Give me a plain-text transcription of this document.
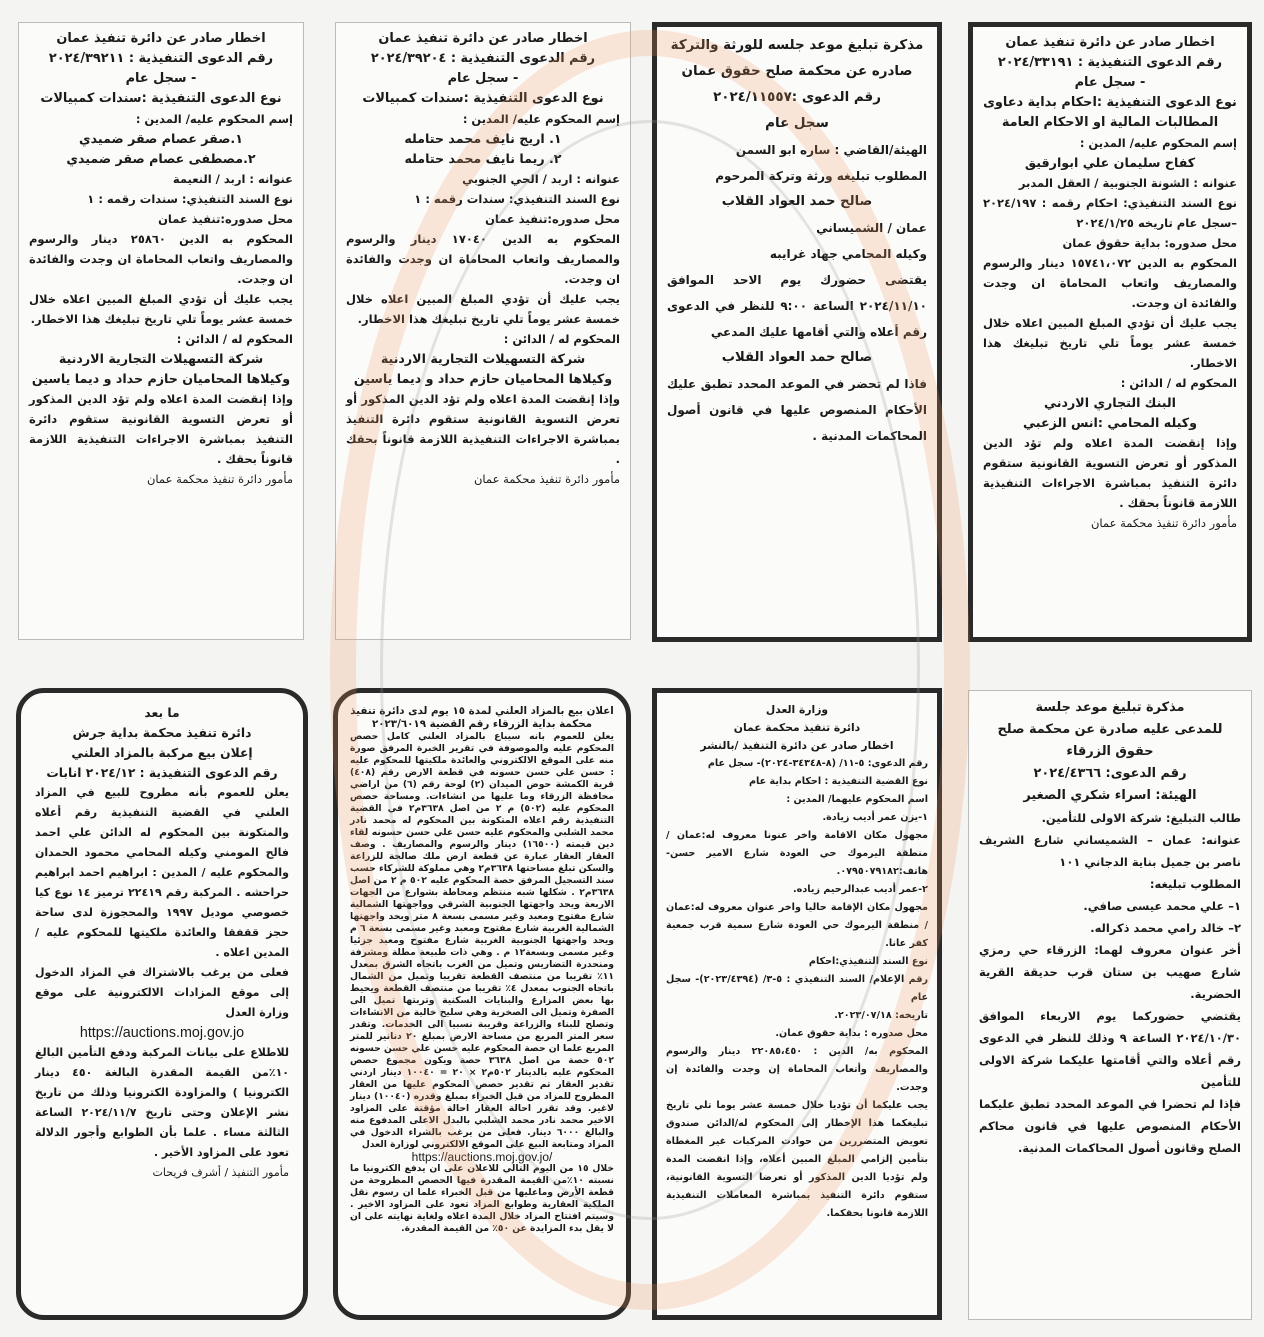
اخطار صادر عن دائرة تنفيذ عمان
رقم الدعوى التنفيذية : ٢٠٢٤/٣٩٢١١
- سجل عام
نوع الدعوى التنفيذية :سندات كمبيالات
إسم المحكوم عليه/ المدين :
١.صقر عصام صقر ضميدي
٢.مصطفى عصام صقر ضميدي
عنوانه : اربد / النعيمة
نوع السند التنفيذي: سندات رقمه : ١
محل صدوره:تنفيذ عمان
المحكوم به الدين ٢٥٨٦٠ دينار والرسوم والمصاريف واتعاب المحاماة ان وجدت والفائدة ان وجدت.
يجب عليك أن تؤدي المبلغ المبين اعلاه خلال خمسة عشر يوماً تلي تاريخ تبليغك هذا الاخطار.
المحكوم له / الدائن :
شركة التسهيلات التجارية الاردنية
وكيلاها المحاميان حازم حداد و ديما ياسين
وإذا إنقضت المدة اعلاه ولم تؤد الدين المذكور أو تعرض التسوية القانونية ستقوم دائرة التنفيذ بمباشرة الاجراءات التنفيذية اللازمة قانوناً بحقك .
مأمور دائرة تنفيذ محكمة عمان
اخطار صادر عن دائرة تنفيذ عمان
رقم الدعوى التنفيذية : ٢٠٢٤/٣٩٢٠٤
- سجل عام
نوع الدعوى التنفيذية :سندات كمبيالات
إسم المحكوم عليه/ المدين :
١. اريج نايف محمد حتامله
٢. ريما نايف محمد حتامله
عنوانه : اربد / الحي الجنوبي
نوع السند التنفيذي: سندات رقمه : ١
محل صدوره:تنفيذ عمان
المحكوم به الدين ١٧٠٤٠ دينار والرسوم والمصاريف واتعاب المحاماة ان وجدت والفائدة ان وجدت.
يجب عليك أن تؤدي المبلغ المبين اعلاه خلال خمسة عشر يوماً تلي تاريخ تبليغك هذا الاخطار.
المحكوم له / الدائن :
شركة التسهيلات التجارية الاردنية
وكيلاها المحاميان حازم حداد و ديما ياسين
وإذا إنقضت المدة اعلاه ولم تؤد الدين المذكور أو تعرض التسوية القانونية ستقوم دائرة التنفيذ بمباشرة الاجراءات التنفيذية اللازمة قانوناً بحقك .
مأمور دائرة تنفيذ محكمة عمان
مذكرة تبليغ موعد جلسه للورثة والتركة
صادره عن محكمة صلح حقوق عمان
رقم الدعوى :٢٠٢٤/١١٥٥٧
سجل عام
الهيئة/القاضي : ساره ابو السمن
المطلوب تبليغه ورثة وتركة المرحوم
صالح حمد العواد القلاب
عمان / الشميساني
وكيله المحامي جهاد غرايبه
يقتضى حضورك يوم الاحد الموافق ٢٠٢٤/١١/١٠ الساعة ٩:٠٠ للنظر في الدعوى رقم أعلاه والتي أقامها عليك المدعي
صالح حمد العواد القلاب
فاذا لم تحضر في الموعد المحدد تطبق عليك الأحكام المنصوص عليها في قانون أصول المحاكمات المدنية .
اخطار صادر عن دائرة تنفيذ عمان
رقم الدعوى التنفيذية : ٢٠٢٤/٣٣١٩١
- سجل عام
نوع الدعوى التنفيذية :احكام بداية دعاوى المطالبات المالية او الاحكام العامة
إسم المحكوم عليه/ المدين :
كفاح سليمان علي ابوارقيق
عنوانه : الشونة الجنوبية / العقل المدبر
نوع السند التنفيذي: احكام رقمه : ٢٠٢٤/١٩٧ –سجل عام تاريخه ٢٠٢٤/١/٢٥
محل صدوره: بداية حقوق عمان
المحكوم به الدين ١٥٧٤١،٠٧٢ دينار والرسوم والمصاريف واتعاب المحاماة ان وجدت والفائدة ان وجدت.
يجب عليك أن تؤدي المبلغ المبين اعلاه خلال خمسة عشر يوماً تلي تاريخ تبليغك هذا الاخطار.
المحكوم له / الدائن :
البنك التجاري الاردني
وكيله المحامي :انس الزعبي
وإذا إنقضت المدة اعلاه ولم تؤد الدين المذكور أو تعرض التسوية القانونية ستقوم دائرة التنفيذ بمباشرة الاجراءات التنفيذية اللازمة قانوناً بحقك .
مأمور دائرة تنفيذ محكمة عمان
ما بعد
دائرة تنفيذ محكمة بداية جرش
إعلان بيع مركبة بالمزاد العلني
رقم الدعوى التنفيذية : ٢٠٢٤/١٢ انابات
يعلن للعموم بأنه مطروح للبيع في المزاد العلني في القضية التنفيذية رقم أعلاه والمتكونة بين المحكوم له الدائن علي احمد فالح المومني وكيله المحامي محمود الحمدان والمحكوم عليه / المدين : ابراهيم احمد ابراهيم حراحشه . المركبة رقم ٢٢٤١٩ ترميز ١٤ نوع كيا خصوصي موديل ١٩٩٧ والمحجوزة لدى ساحة حجز ققفقا والعائدة ملكيتها للمحكوم عليه / المدين اعلاه .
فعلى من يرغب بالاشتراك في المزاد الدخول إلى موقع المزادات الالكترونية على موقع وزارة العدل
https://auctions.moj.gov.jo
للاطلاع على بيانات المركبة ودفع التأمين البالغ ١٠٪من القيمة المقدرة البالغة ٤٥٠ دينار الكترونيا ) والمزاودة الكترونيا وذلك من تاريخ نشر الإعلان وحتى تاريخ ٢٠٢٤/١١/٧ الساعة الثالثة مساء . علما بأن الطوابع وأجور الدلالة تعود على المزاود الأخير .
مأمور التنفيذ / أشرف فريحات
اعلان بيع بالمزاد العلني لمدة ١٥ يوم لدى دائرة تنفيذ محكمة بداية الزرقاء رقم القضية ٢٠٢٣/٦٠١٩
يعلن للعموم بانه سيباع بالمزاد العلني كامل حصص المحكوم عليه والموصوفة في تقرير الخبرة المرفق صورة منه على الموقع الالكتروني والعائدة ملكيتها للمحكوم عليه : حسن علي حسن حسونه في قطعة الارض رقم (٤٠٨) قرية الكمشة حوض الميدان (٢) لوحة رقم (٦) من اراضي محافظة الزرقاء وما عليها من انشاءات. ومساحة حصص المحكوم عليه (٥٠٢) م ٢ من اصل ٣٦٣٨م٢ في القضية التنفيذية رقم اعلاه المتكونة بين المحكوم له محمد نادر محمد الشلبي والمحكوم عليه حسن علي حسن حسونه لقاء دين قيمته (١٦٥٠٠) دينار والرسوم والمصاريف . وصف العقار العقار عبارة عن قطعة ارض ملك صالحة للزراعة والسكن تبلغ مساحتها ٣٦٣٨م٢ وهي مملوكة للشركاء حسب سند التسجيل المرفق حصة المحكوم عليه ٥٠٢ م ٢ من اصل ٣٦٣٨م٢ . شكلها شبه منتظم ومحاطة بشوارع من الجهات الاربعة ويحد واجهتها الجنوبية الشرقي وواجهتها الشمالية شارع مفتوح ومعبد وغير مسمى بسعة ٨ متر ويحد واجهتها الشمالية الغربية شارع مفتوح ومعبد وغير مسمى بسعة ٦ م ويحد واجهتها الجنوبية الغربية شارع مفتوح ومعبد جزئيا وغير مسمى وبسعة١٢ م . وهي ذات طبيعة مطلة ومشرفة ومنحدرة التضاريس وتميل من الغرب باتجاه الشرق بمعدل ١١٪ تقريبا من منتصف القطعة تقريبا وتميل من الشمال باتجاه الجنوب بمعدل ٤٪ تقريبا من منتصف القطعة ويحيط بها بعض المزارع والبنايات السكنية وتربتها تميل الى الصفرة وتميل الى الصخرية وهي سليخ خالية من الانشاءات وتصلح للبناء والزراعة وقريبة نسبيا الى الخدمات. وتقدر سعر المتر المربع من مساحة الارض بمبلغ ٢٠ دنانير للمتر المربع علما ان حصة المحكوم عليه حسن علي حسن حسونه ٥٠٢ حصة من اصل ٣٦٣٨ حصة ويكون مجموع حصص المحكوم عليه بالدينار ٥٠٢م٢ × ٢٠ = ١٠٠٤٠ دينار اردني تقدير العقار تم تقدير حصص المحكوم عليها من العقار المطروح للمزاد من قبل الخبراء بمبلغ وقدره (١٠٠٤٠) دينار لاغير. وقد تقرر احالة العقار احالة مؤقتة على المزاود الاخير محمد نادر محمد الشلبي بالبدل الاعلى المدفوع منه والبالغ ٦٠٠٠ دينار. فعلى من يرغب بالشراء الدخول في المزاد ومتابعة البيع على الموقع الالكتروني لوزارة العدل
https://auctions.moj.gov.jo/
خلال ١٥ من اليوم التالي للاعلان على ان يدفع الكترونيا ما نسبته ١٠٪من القيمة المقدرة فيها الحصص المطروحة من قطعة الأرض وماعليها من قبل الخبراء علما ان رسوم نقل الملكية العقارية وطوابع المزاد تعود على المزاود الاخير . وسيتم افتتاح المزاد خلال المدة اعلاه ولغاية نهايته على ان لا يقل بدء المزايدة عن ٥٠٪ من القيمة المقدرة.
وزارة العدل
دائرة تنفيذ محكمة عمان
اخطار صادر عن دائرة التنفيذ /بالنشر
رقم الدعوى: ٥-١١/ (٨-٣٤٣٤٨-٢٠٢٤)- سجل عام
نوع القضية التنفيذية : احكام بداية عام
اسم المحكوم عليهما/ المدين :
١-يزن عمر أديب زيادة.
مجهول مكان الاقامة واخر عنونا معروف له:عمان / منطقة اليرموك حي العودة شارع الامير حسن- هاتف:٠٧٩٥٠٧٩١٨٢.
٢-عمر أديب عبدالرحيم زياده.
مجهول مكان الإقامة حاليا واخر عنوان معروف له:عمان / منطقة اليرموك حي العودة شارع سمية قرب جمعية كفر عانا.
نوع السند التنفيذي:احكام
رقم الإعلام/ السند التنفيذي : ٥-٣/ (٢٠٢٣/٤٣٩٤)- سجل عام
تاريخه: ٢٠٢٣/٠٧/١٨.
محل صدوره : بداية حقوق عمان.
المحكوم به/ الدين : ٢٢٠٨٥،٤٥٠ دينار والرسوم والمصاريف وأتعاب المحاماة إن وجدت والفائدة إن وجدت.
يجب عليكما أن تؤديا خلال خمسة عشر يوما تلي تاريخ تبليغكما هذا الإخطار إلى المحكوم له/الدائن صندوق تعويض المتضررين من حوادث المركبات غير المغطاة بتأمين إلزامي المبلغ المبين أعلاه، وإذا انقضت المدة ولم تؤديا الدين المذكور أو تعرضا التسوية القانونية، ستقوم دائرة التنفيذ بمباشرة المعاملات التنفيذية اللازمة قانونا بحقكما.
مذكرة تبليغ موعد جلسة
للمدعى عليه صادرة عن محكمة صلح
حقوق الزرقاء
رقم الدعوى: ٢٠٢٤/٤٣٦٦
الهيئة: اسراء شكري الصغير
طالب التبليغ: شركة الاولى للتأمين.
عنوانه: عمان – الشميساني شارع الشريف ناصر بن جميل بناية الدجاني ١٠١
المطلوب تبليغه:
١– علي محمد عيسى صافي.
٢– خالد رامي محمد ذكراله.
أخر عنوان معروف لهما: الزرقاء حي رمزي شارع صهيب بن ستان قرب حديقة القرية الحضرية.
يقتضي حضوركما يوم الاربعاء الموافق ٢٠٢٤/١٠/٣٠ الساعة ٩ وذلك للنظر في الدعوى رقم أعلاه والتي أقامتها عليكما شركة الاولى للتأمين
فإذا لم تحضرا في الموعد المحدد تطبق عليكما الأحكام المنصوص عليها في قانون محاكم الصلح وقانون أصول المحاكمات المدنية.
